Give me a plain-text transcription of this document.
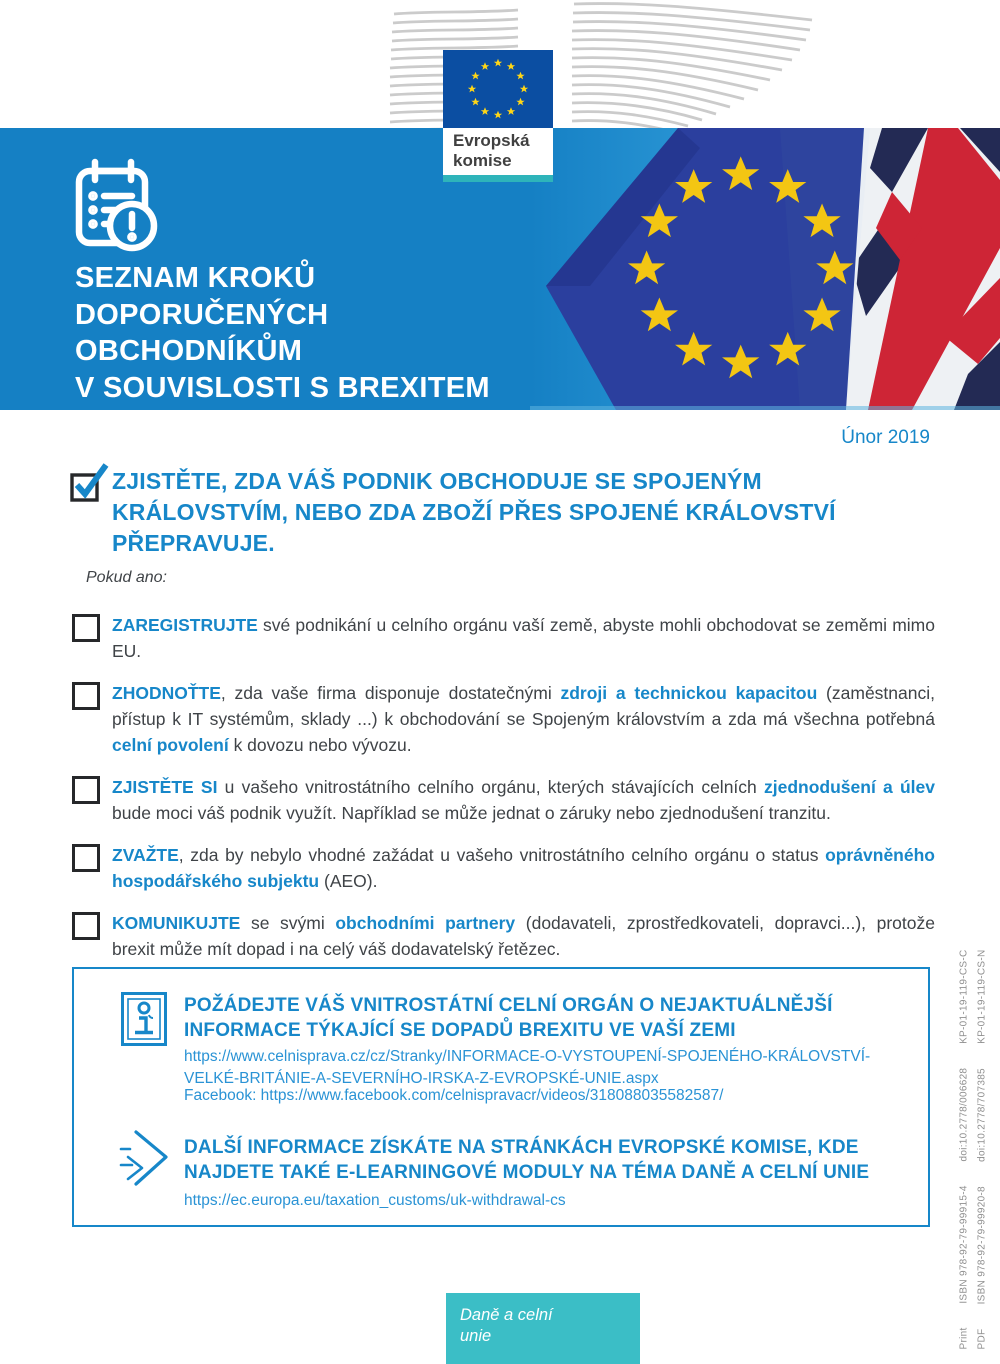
Evropská komise
SEZNAM KROKŮ
DOPORUČENÝCH
OBCHODNÍKŮM
V SOUVISLOSTI S BREXITEM
Únor 2019
ZJISTĚTE, ZDA VÁŠ PODNIK OBCHODUJE SE SPOJENÝM
KRÁLOVSTVÍM, NEBO ZDA ZBOŽÍ PŘES SPOJENÉ KRÁLOVSTVÍ
PŘEPRAVUJE.
Pokud ano:
ZAREGISTRUJTE své podnikání u celního orgánu vaší země, abyste mohli obchodovat se zeměmi mimo EU.
ZHODNOŤTE, zda vaše firma disponuje dostatečnými zdroji a technickou kapacitou (zaměstnanci, přístup k IT systémům, sklady ...) k obchodování se Spojeným královstvím a zda má všechna potřebná celní povolení k dovozu nebo vývozu.
ZJISTĚTE SI u vašeho vnitrostátního celního orgánu, kterých stávajících celních zjednodušení a úlev bude moci váš podnik využít. Například se může jednat o záruky nebo zjednodušení tranzitu.
ZVAŽTE, zda by nebylo vhodné zažádat u vašeho vnitrostátního celního orgánu o status oprávněného hospodářského subjektu (AEO).
KOMUNIKUJTE se svými obchodními partnery (dodavateli, zprostředkovateli, dopravci...), protože brexit může mít dopad i na celý váš dodavatelský řetězec.
POŽÁDEJTE VÁŠ VNITROSTÁTNÍ CELNÍ ORGÁN O NEJAKTUÁLNĚJŠÍ
INFORMACE TÝKAJÍCÍ SE DOPADŮ BREXITU VE VAŠÍ ZEMI
https://www.celnisprava.cz/cz/Stranky/INFORMACE-O-VYSTOUPENÍ-SPOJENÉHO-KRÁLOVSTVÍ-VELKÉ-BRITÁNIE-A-SEVERNÍHO-IRSKA-Z-EVROPSKÉ-UNIE.aspx
Facebook: https://www.facebook.com/celnispravacr/videos/318088035582587/
DALŠÍ INFORMACE ZÍSKÁTE NA STRÁNKÁCH EVROPSKÉ KOMISE, KDE
NAJDETE TAKÉ E-LEARNINGOVÉ MODULY NA TÉMA DANĚ A CELNÍ UNIE
https://ec.europa.eu/taxation_customs/uk-withdrawal-cs
Daně a celní unie	Print
ISBN 978-92-79-99915-4
doi:10.2778/006628
KP-01-19-119-CS-C
PDF
ISBN 978-92-79-99920-8
doi:10.2778/707385
KP-01-19-119-CS-N
